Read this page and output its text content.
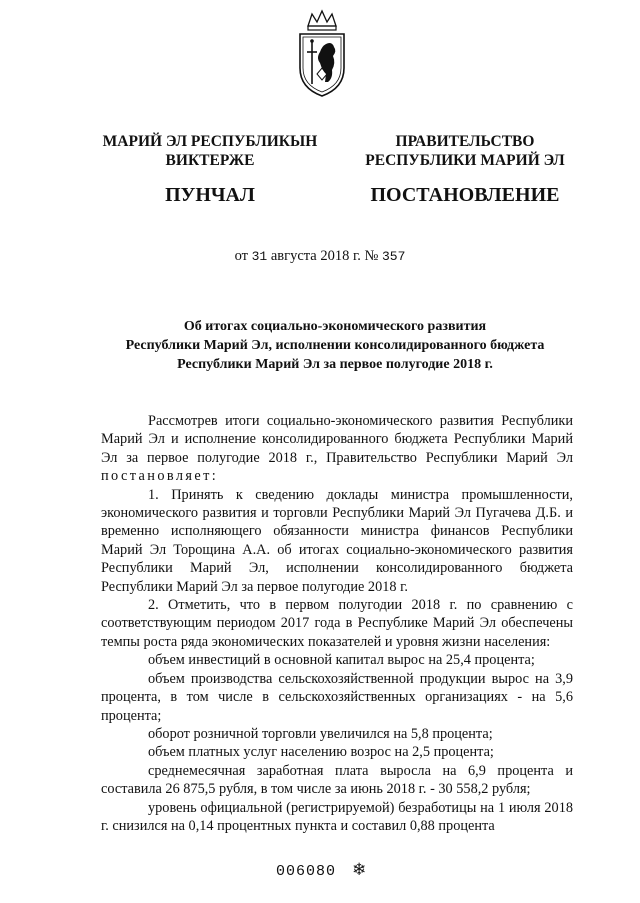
МАРИЙ ЭЛ РЕСПУБЛИКЫН
ВИКТЕРЖЕ
ПУНЧАЛ
ПРАВИТЕЛЬСТВО
РЕСПУБЛИКИ МАРИЙ ЭЛ
ПОСТАНОВЛЕНИЕ
от 31 августа 2018 г. № 357
Об итогах социально-экономического развития
Республики Марий Эл, исполнении консолидированного бюджета
Республики Марий Эл за первое полугодие 2018 г.

Рассмотрев итоги социально-экономического развития Республики Марий Эл и исполнение консолидированного бюджета Республики Марий Эл за первое полугодие 2018 г., Правительство Республики Марий Эл постановляет:

1. Принять к сведению доклады министра промышленности, экономического развития и торговли Республики Марий Эл Пугачева Д.Б. и временно исполняющего обязанности министра финансов Республики Марий Эл Торощина А.А. об итогах социально-экономического развития Республики Марий Эл, исполнении консолидированного бюджета Республики Марий Эл за первое полугодие 2018 г.

2. Отметить, что в первом полугодии 2018 г. по сравнению с соответствующим периодом 2017 года в Республике Марий Эл обеспечены темпы роста ряда экономических показателей и уровня жизни населения:

объем инвестиций в основной капитал вырос на 25,4 процента;

объем производства сельскохозяйственной продукции вырос на 3,9 процента, в том числе в сельскохозяйственных организациях - на 5,6 процента;

оборот розничной торговли увеличился на 5,8 процента;

объем платных услуг населению возрос на 2,5 процента;

среднемесячная заработная плата выросла на 6,9 процента и составила 26 875,5 рубля, в том числе за июнь 2018 г. - 30 558,2 рубля;

уровень официальной (регистрируемой) безработицы на 1 июля 2018 г. снизился на 0,14 процентных пункта и составил 0,88 процента

006080 ❄
